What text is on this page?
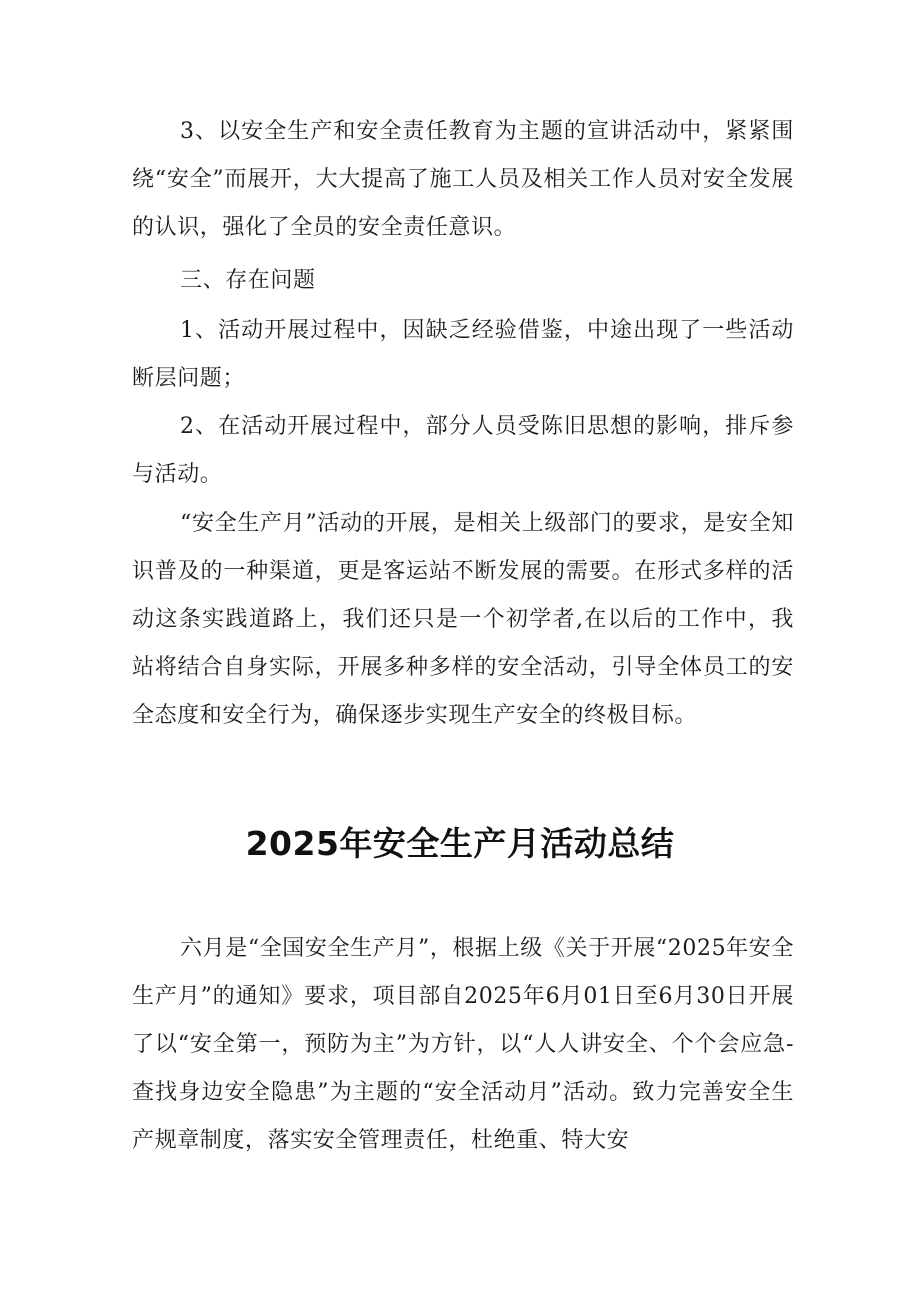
3、以安全生产和安全责任教育为主题的宣讲活动中，紧紧围绕“安全”而展开，大大提高了施工人员及相关工作人员对安全发展的认识，强化了全员的安全责任意识。

三、存在问题

1、活动开展过程中，因缺乏经验借鉴，中途出现了一些活动断层问题；

2、在活动开展过程中，部分人员受陈旧思想的影响，排斥参与活动。

“安全生产月”活动的开展，是相关上级部门的要求，是安全知识普及的一种渠道，更是客运站不断发展的需要。在形式多样的活动这条实践道路上，我们还只是一个初学者,在以后的工作中，我站将结合自身实际，开展多种多样的安全活动，引导全体员工的安全态度和安全行为，确保逐步实现生产安全的终极目标。

2025年安全生产月活动总结

六月是“全国安全生产月”，根据上级《关于开展“2025年安全生产月”的通知》要求，项目部自2025年6月01日至6月30日开展了以“安全第一，预防为主”为方针，以“人人讲安全、个个会应急-查找身边安全隐患”为主题的“安全活动月”活动。致力完善安全生产规章制度，落实安全管理责任，杜绝重、特大安
